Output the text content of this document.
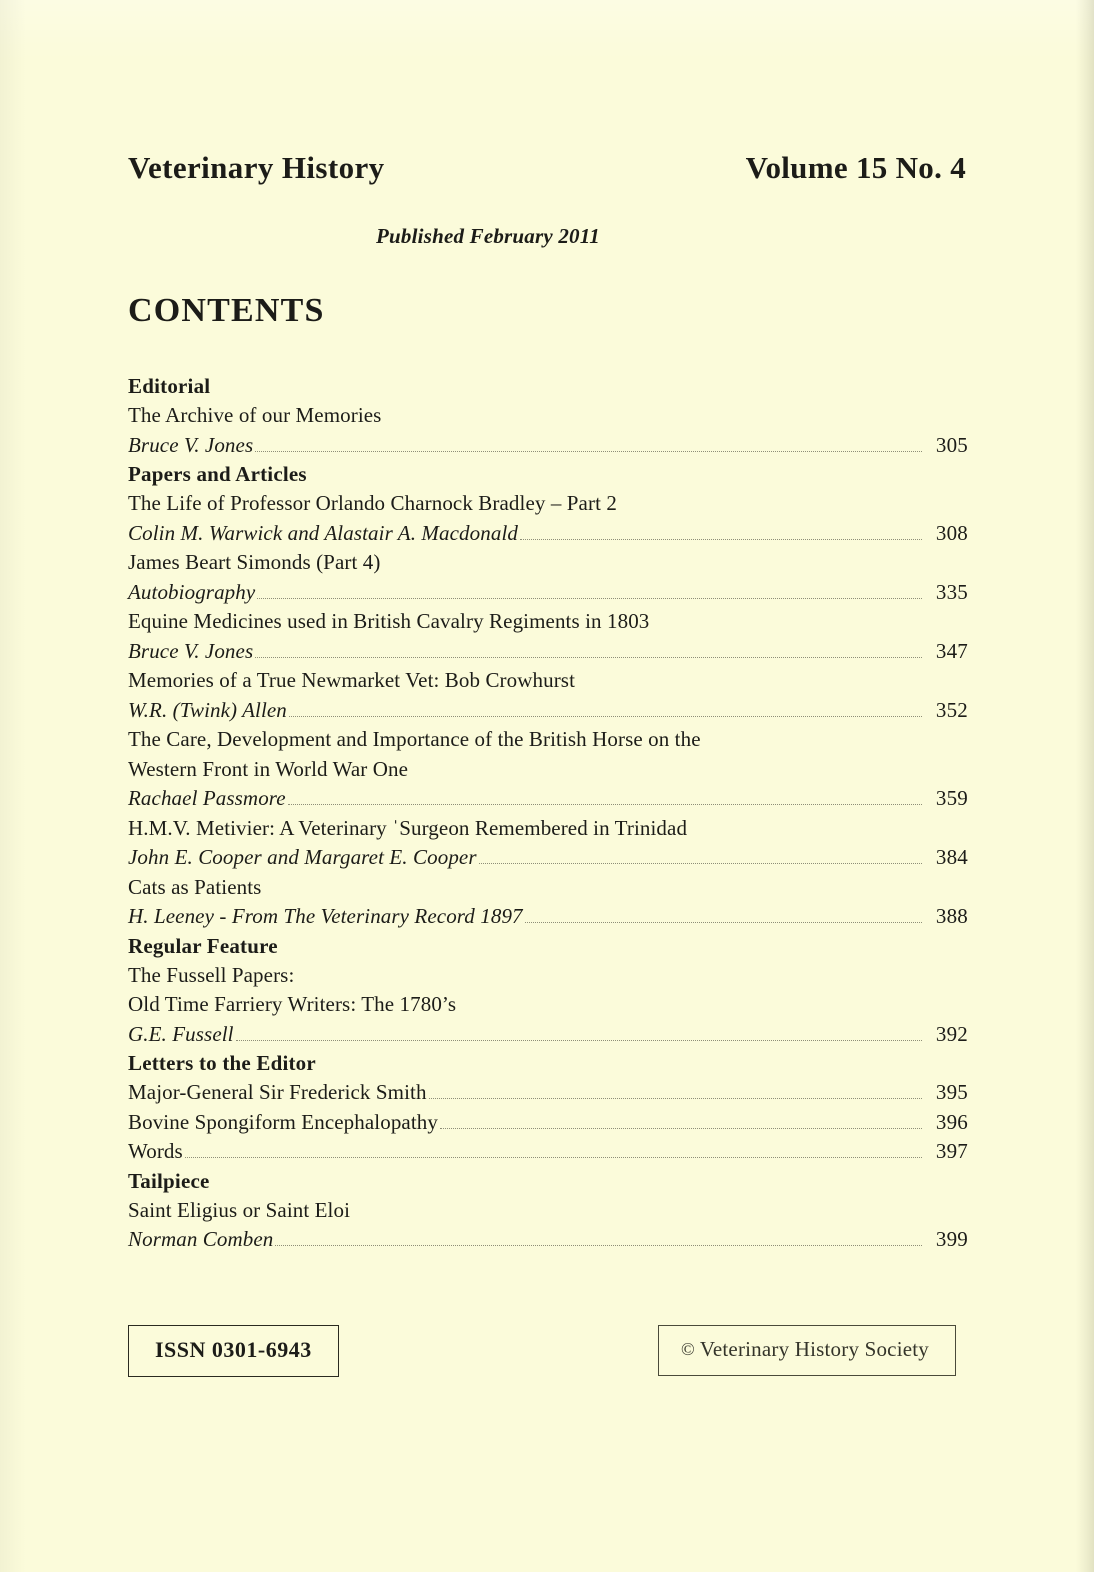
Veterinary History	Volume 15 No. 4
Published February 2011
CONTENTS
Editorial
The Archive of our Memories
Bruce V. Jones	305
Papers and Articles
The Life of Professor Orlando Charnock Bradley – Part 2
Colin M. Warwick and Alastair A. Macdonald	308
James Beart Simonds (Part 4)
Autobiography	335
Equine Medicines used in British Cavalry Regiments in 1803
Bruce V. Jones	347
Memories of a True Newmarket Vet: Bob Crowhurst
W.R. (Twink) Allen	352
The Care, Development and Importance of the British Horse on the
Western Front in World War One
Rachael Passmore	359
H.M.V. Metivier: A Veterinary ˈSurgeon Remembered in Trinidad
John E. Cooper and Margaret E. Cooper	384
Cats as Patients
H. Leeney - From The Veterinary Record 1897	388
Regular Feature
The Fussell Papers:
Old Time Farriery Writers: The 1780’s
G.E. Fussell	392
Letters to the Editor
Major-General Sir Frederick Smith	395
Bovine Spongiform Encephalopathy	396
Words	397
Tailpiece
Saint Eligius or Saint Eloi
Norman Comben	399
ISSN 0301-6943	© Veterinary History Society
